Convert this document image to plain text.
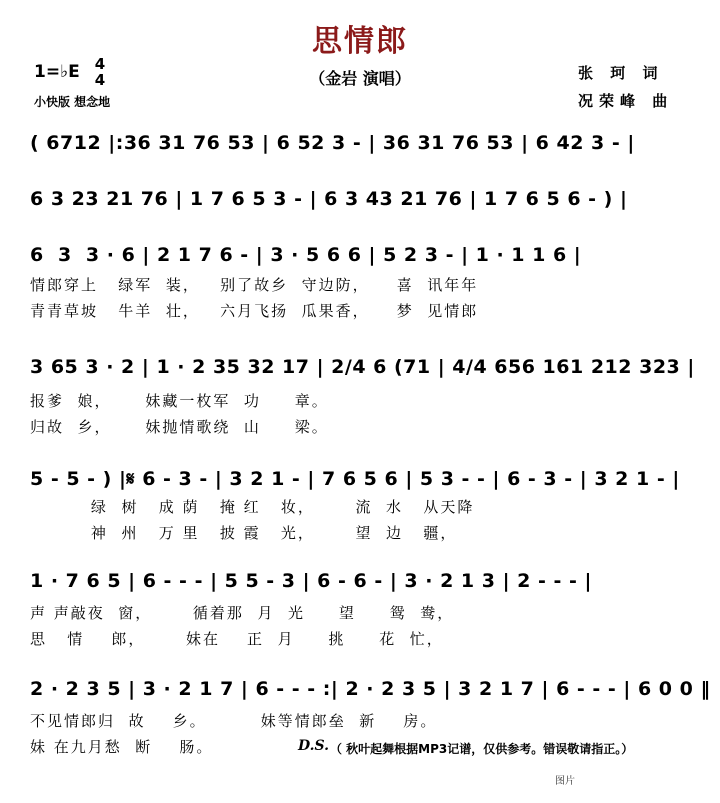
思情郎
（金岩 演唱）
1=♭E	4
4
小快版 想念地
张 珂 词
况荣峰 曲
( 6712 |:36 31 76 53 | 6 52 3 - | 36 31 76 53 | 6 42 3 - |
6 3 23 21 76 | 1 7 6 5 3 - | 6 3 43 21 76 | 1 7 6 5 6 - ) |
6  3  3 · 6 | 2 1 7 6 - | 3 · 5 6 6 | 5 2 3 - | 1 · 1 1 6 |
情郎穿上   绿军  装，   别了故乡  守边防，    喜  讯年年
青青草坡   牛羊  壮，   六月飞扬  瓜果香，    梦  见情郎
3 65 3 · 2 | 1 · 2 35 32 17 | 2/4 6 (71 | 4/4 656 161 212 323 |
报爹  娘，     妹藏一枚军  功     章。
归故  乡，     妹抛情歌绕  山     梁。
5 - 5 - ) |𝄋 6 - 3 - | 3 2 1 - | 7 6 5 6 | 5 3 - - | 6 - 3 - | 3 2 1 - |
绿  树   成 荫   掩 红   妆，      流  水   从天降
神  州   万 里   披 霞   光，      望  边   疆，
1 · 7 6 5 | 6 - - - | 5 5 - 3 | 6 - 6 - | 3 · 2 1 3 | 2 - - - |
声 声敲夜  窗，      循着那  月  光     望     鸳  鸯，
思   情    郎，      妹在    正  月     挑     花  忙，
2 · 2 3 5 | 3 · 2 1 7 | 6 - - - :| 2 · 2 3 5 | 3 2 1 7 | 6 - - - | 6 0 0 ‖
不见情郎归  故    乡。        妹等情郎垒  新    房。
妹 在九月愁  断    肠。	D.S. （ 秋叶起舞根据MP3记谱，仅供参考。错误敬请指正。）
图片
